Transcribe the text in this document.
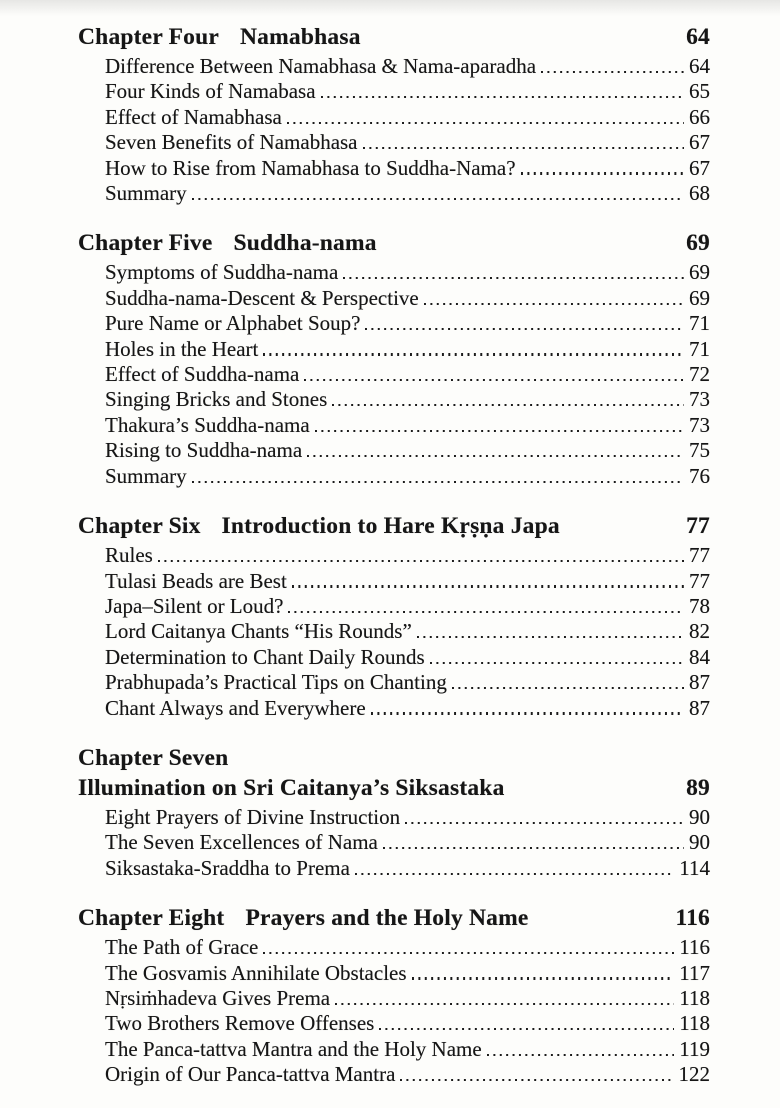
Chapter Four Namabhasa	64
Difference Between Namabhasa & Nama-aparadha	64
Four Kinds of Namabasa	65
Effect of Namabhasa	66
Seven Benefits of Namabhasa	67
How to Rise from Namabhasa to Suddha-Nama?	67
Summary	68
Chapter Five Suddha-nama	69
Symptoms of Suddha-nama	69
Suddha-nama-Descent & Perspective	69
Pure Name or Alphabet Soup?	71
Holes in the Heart	71
Effect of Suddha-nama	72
Singing Bricks and Stones	73
Thakura’s Suddha-nama	73
Rising to Suddha-nama	75
Summary	76
Chapter Six Introduction to Hare Kṛṣṇa Japa	77
Rules	77
Tulasi Beads are Best	77
Japa–Silent or Loud?	78
Lord Caitanya Chants “His Rounds”	82
Determination to Chant Daily Rounds	84
Prabhupada’s Practical Tips on Chanting	87
Chant Always and Everywhere	87
Chapter Seven
Illumination on Sri Caitanya’s Siksastaka	89
Eight Prayers of Divine Instruction	90
The Seven Excellences of Nama	90
Siksastaka-Sraddha to Prema	114
Chapter Eight Prayers and the Holy Name	116
The Path of Grace	116
The Gosvamis Annihilate Obstacles	117
Nṛsiṁhadeva Gives Prema	118
Two Brothers Remove Offenses	118
The Panca-tattva Mantra and the Holy Name	119
Origin of Our Panca-tattva Mantra	122
